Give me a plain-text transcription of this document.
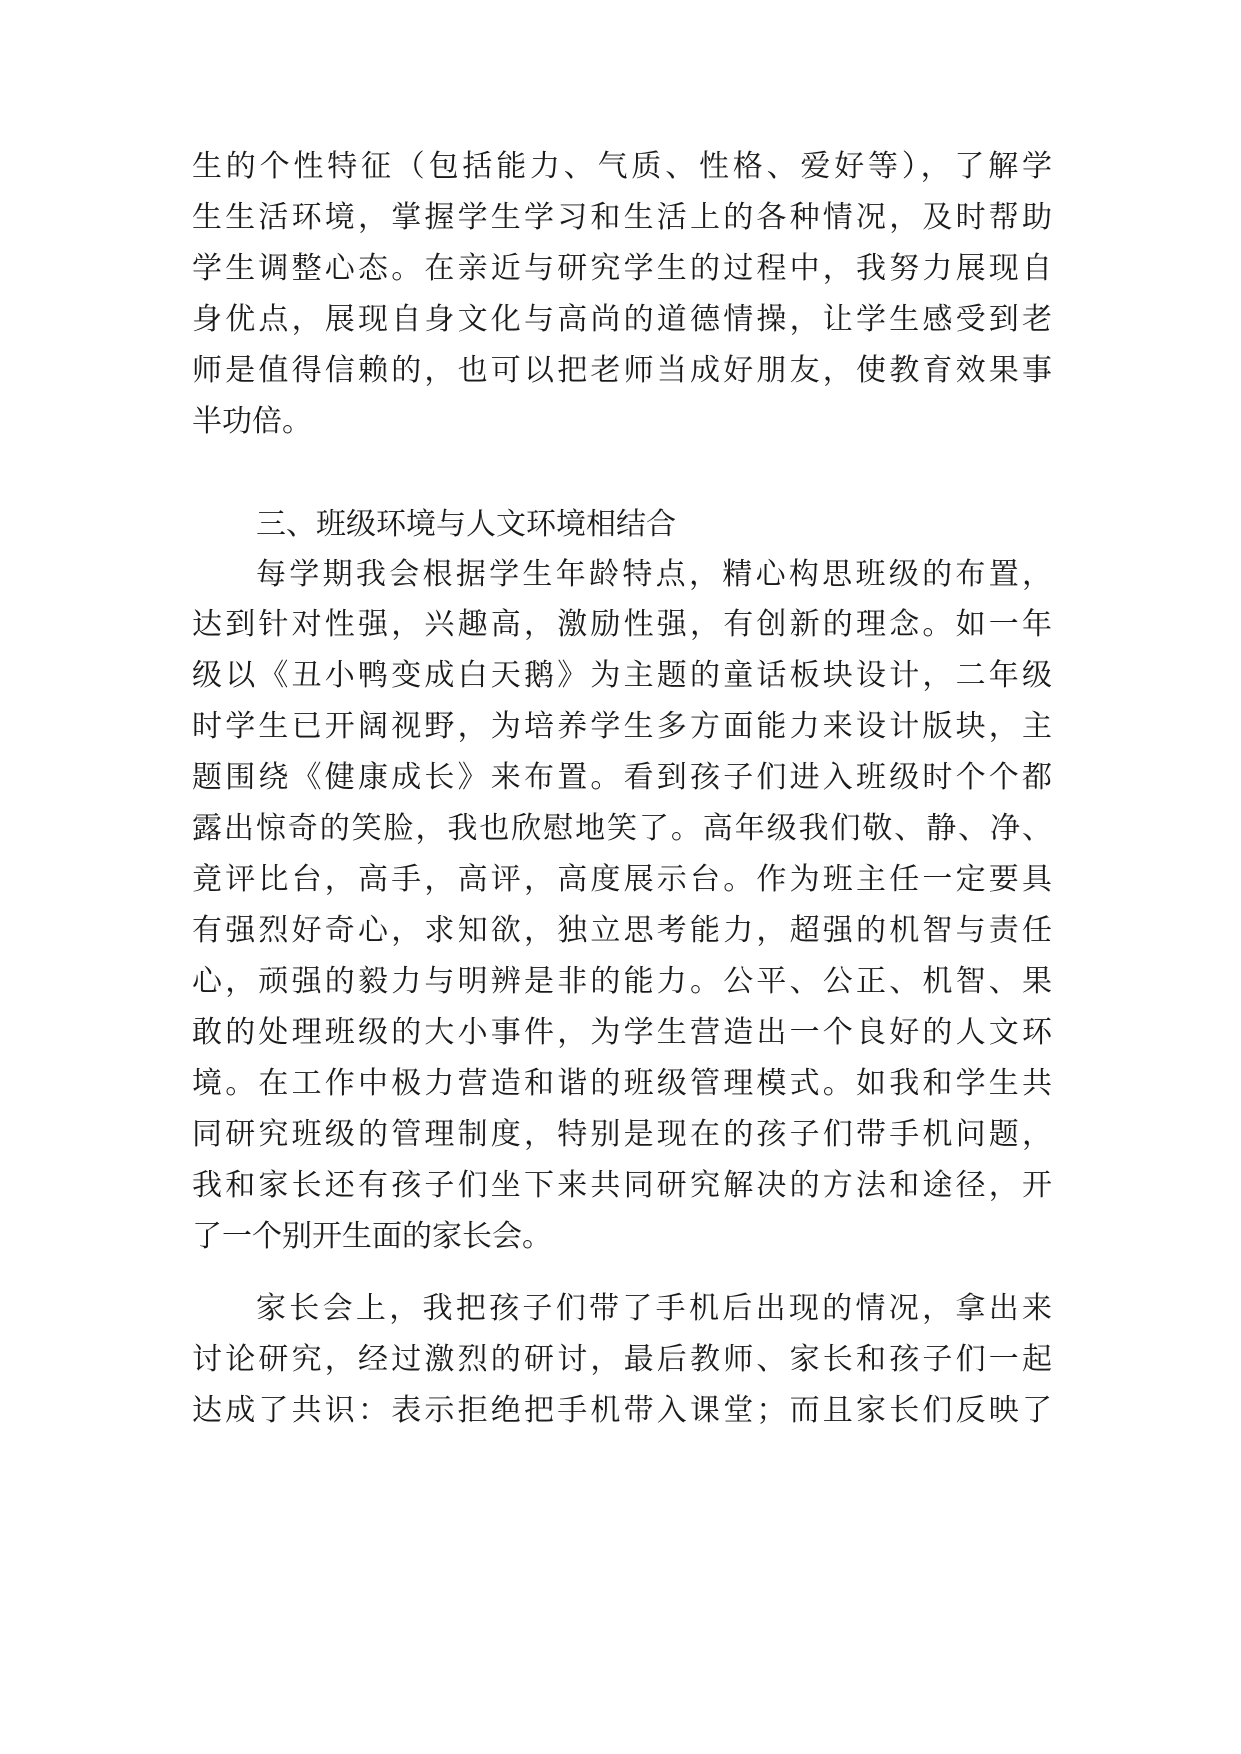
生的个性特征（包括能力、气质、性格、爱好等），了解学
生生活环境，掌握学生学习和生活上的各种情况，及时帮助
学生调整心态。在亲近与研究学生的过程中，我努力展现自
身优点，展现自身文化与高尚的道德情操，让学生感受到老
师是值得信赖的，也可以把老师当成好朋友，使教育效果事
半功倍。
三、班级环境与人文环境相结合
每学期我会根据学生年龄特点，精心构思班级的布置，
达到针对性强，兴趣高，激励性强，有创新的理念。如一年
级以《丑小鸭变成白天鹅》为主题的童话板块设计，二年级
时学生已开阔视野，为培养学生多方面能力来设计版块，主
题围绕《健康成长》来布置。看到孩子们进入班级时个个都
露出惊奇的笑脸，我也欣慰地笑了。高年级我们敬、静、净、
竟评比台，高手，高评，高度展示台。作为班主任一定要具
有强烈好奇心，求知欲，独立思考能力，超强的机智与责任
心，顽强的毅力与明辨是非的能力。公平、公正、机智、果
敢的处理班级的大小事件，为学生营造出一个良好的人文环
境。在工作中极力营造和谐的班级管理模式。如我和学生共
同研究班级的管理制度，特别是现在的孩子们带手机问题，
我和家长还有孩子们坐下来共同研究解决的方法和途径，开
了一个别开生面的家长会。
家长会上，我把孩子们带了手机后出现的情况，拿出来
讨论研究，经过激烈的研讨，最后教师、家长和孩子们一起
达成了共识：表示拒绝把手机带入课堂；而且家长们反映了
